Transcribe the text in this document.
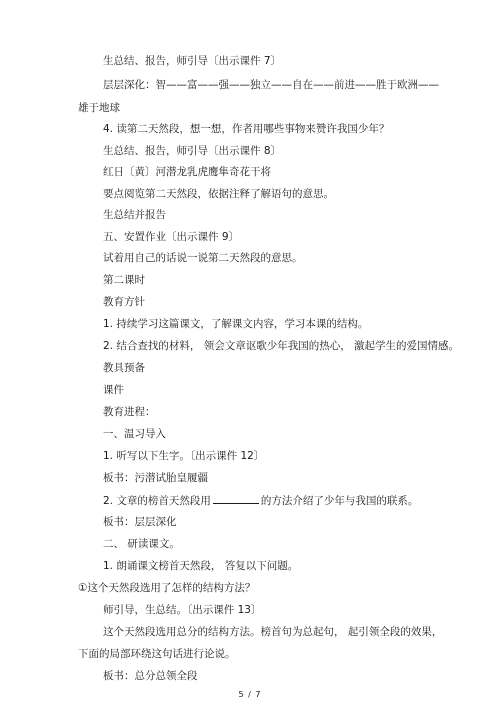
生总结、报告，师引导〔出示课件 7〕
层层深化：智——富——强——独立——自在——前进——胜于欧洲——
雄于地球
4. 读第二天然段，想一想，作者用哪些事物来赞许我国少年？
生总结、报告，师引导〔出示课件 8〕
红日〔黄〕河潜龙乳虎鹰隼奇花干将
要点阅览第二天然段，依据注释了解语句的意思。
生总结并报告
五、安置作业〔出示课件 9〕
试着用自己的话说一说第二天然段的意思。
第二课时
教育方针
1. 持续学习这篇课文，了解课文内容，学习本课的结构。
2. 结合查找的材料， 领会文章讴歌少年我国的热心， 激起学生的爱国情感。
教具预备
课件
教育进程：
一、温习导入
1. 听写以下生字。〔出示课件 12〕
板书：污潜试胎皇履疆
2. 文章的榜首天然段用	的方法介绍了少年与我国的联系。
板书：层层深化
二、 研读课文。
1. 朗诵课文榜首天然段， 答复以下问题。
①这个天然段选用了怎样的结构方法？
师引导，生总结。〔出示课件 13〕
这个天然段选用总分的结构方法。榜首句为总起句， 起引领全段的效果，
下面的局部环绕这句话进行论说。
板书：总分总领全段
5 / 7
